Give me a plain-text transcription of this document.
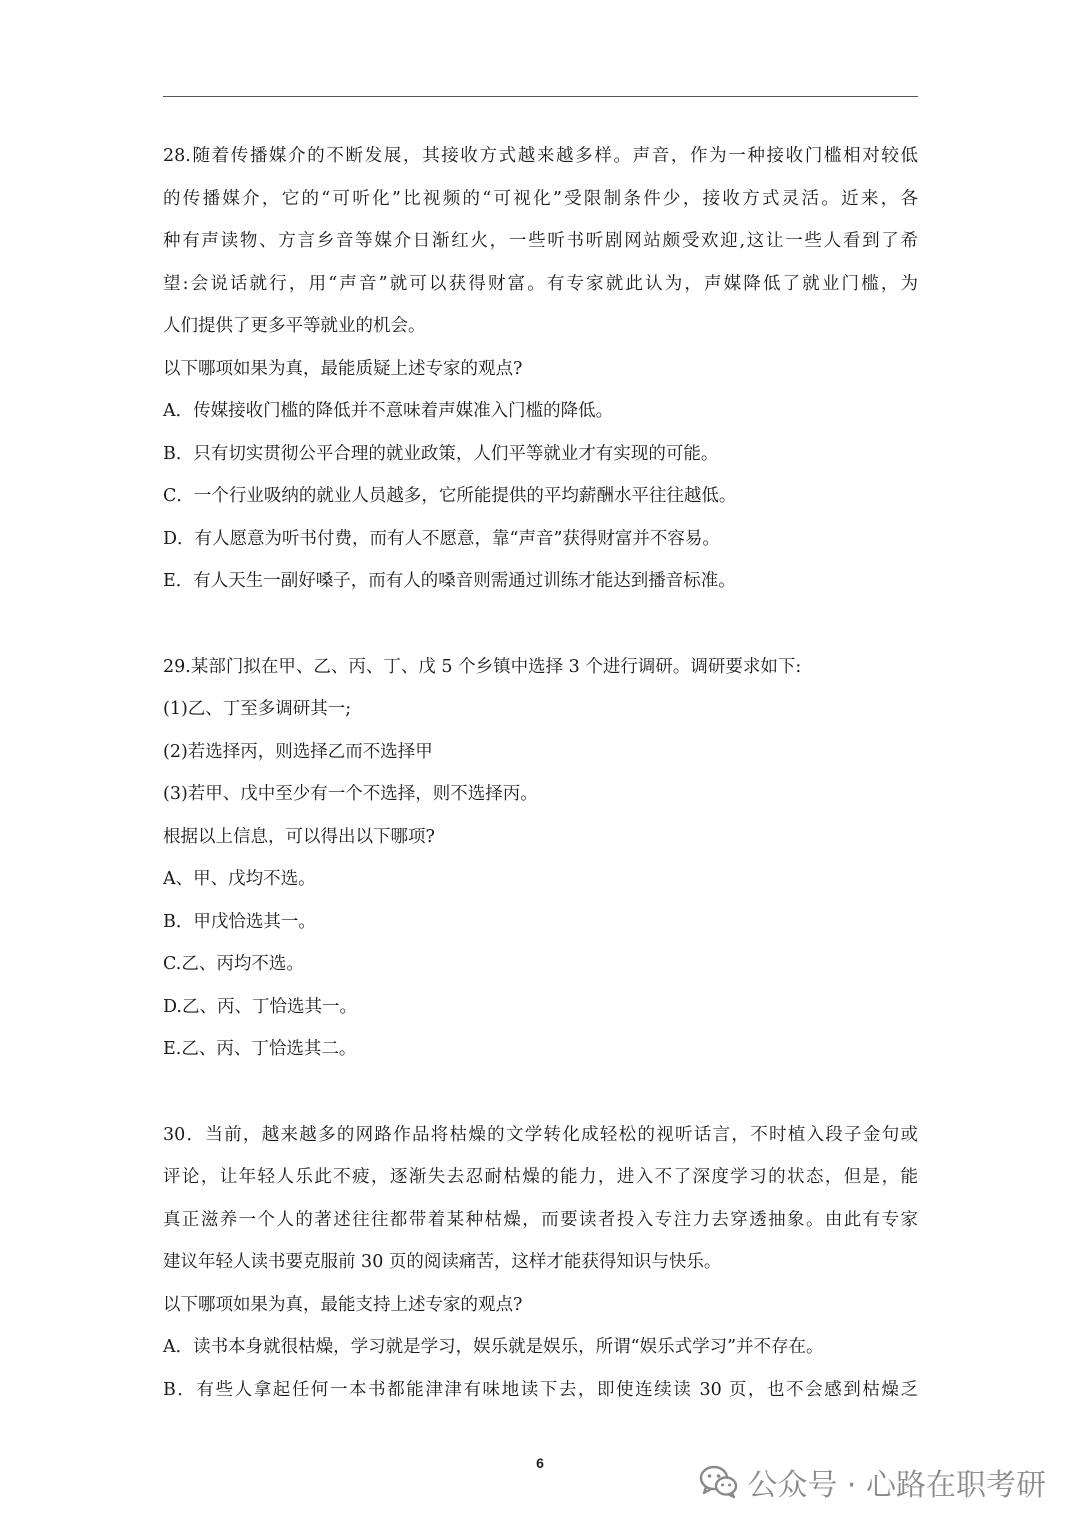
28.随着传播媒介的不断发展，其接收方式越来越多样。声音，作为一种接收门槛相对较低
的传播媒介，它的“可听化”比视频的“可视化”受限制条件少，接收方式灵活。近来，各
种有声读物、方言乡音等媒介日渐红火，一些听书听剧网站颇受欢迎,这让一些人看到了希
望:会说话就行，用“声音”就可以获得财富。有专家就此认为，声媒降低了就业门槛，为
人们提供了更多平等就业的机会。
以下哪项如果为真，最能质疑上述专家的观点?
A．传媒接收门槛的降低并不意味着声媒准入门槛的降低。
B．只有切实贯彻公平合理的就业政策，人们平等就业才有实现的可能。
C．一个行业吸纳的就业人员越多，它所能提供的平均薪酬水平往往越低。
D．有人愿意为听书付费，而有人不愿意，靠“声音”获得财富并不容易。
E．有人天生一副好嗓子，而有人的嗓音则需通过训练才能达到播音标准。
29.某部门拟在甲、乙、丙、丁、戊 5 个乡镇中选择 3 个进行调研。调研要求如下:
(1)乙、丁至多调研其一;
(2)若选择丙，则选择乙而不选择甲
(3)若甲、戊中至少有一个不选择，则不选择丙。
根据以上信息，可以得出以下哪项?
A、甲、戊均不选。
B．甲戊恰选其一。
C.乙、丙均不选。
D.乙、丙、丁恰选其一。
E.乙、丙、丁恰选其二。
30．当前，越来越多的网路作品将枯燥的文学转化成轻松的视听话言，不时植入段子金句或
评论，让年轻人乐此不疲，逐渐失去忍耐枯燥的能力，进入不了深度学习的状态，但是，能
真正滋养一个人的著述往往都带着某种枯燥，而要读者投入专注力去穿透抽象。由此有专家
建议年轻人读书要克服前 30 页的阅读痛苦，这样才能获得知识与快乐。
以下哪项如果为真，最能支持上述专家的观点?
A．读书本身就很枯燥，学习就是学习，娱乐就是娱乐，所谓“娱乐式学习”并不存在。
B．有些人拿起任何一本书都能津津有味地读下去，即使连续读 30 页，也不会感到枯燥乏
6
公众号 · 心路在职考研
